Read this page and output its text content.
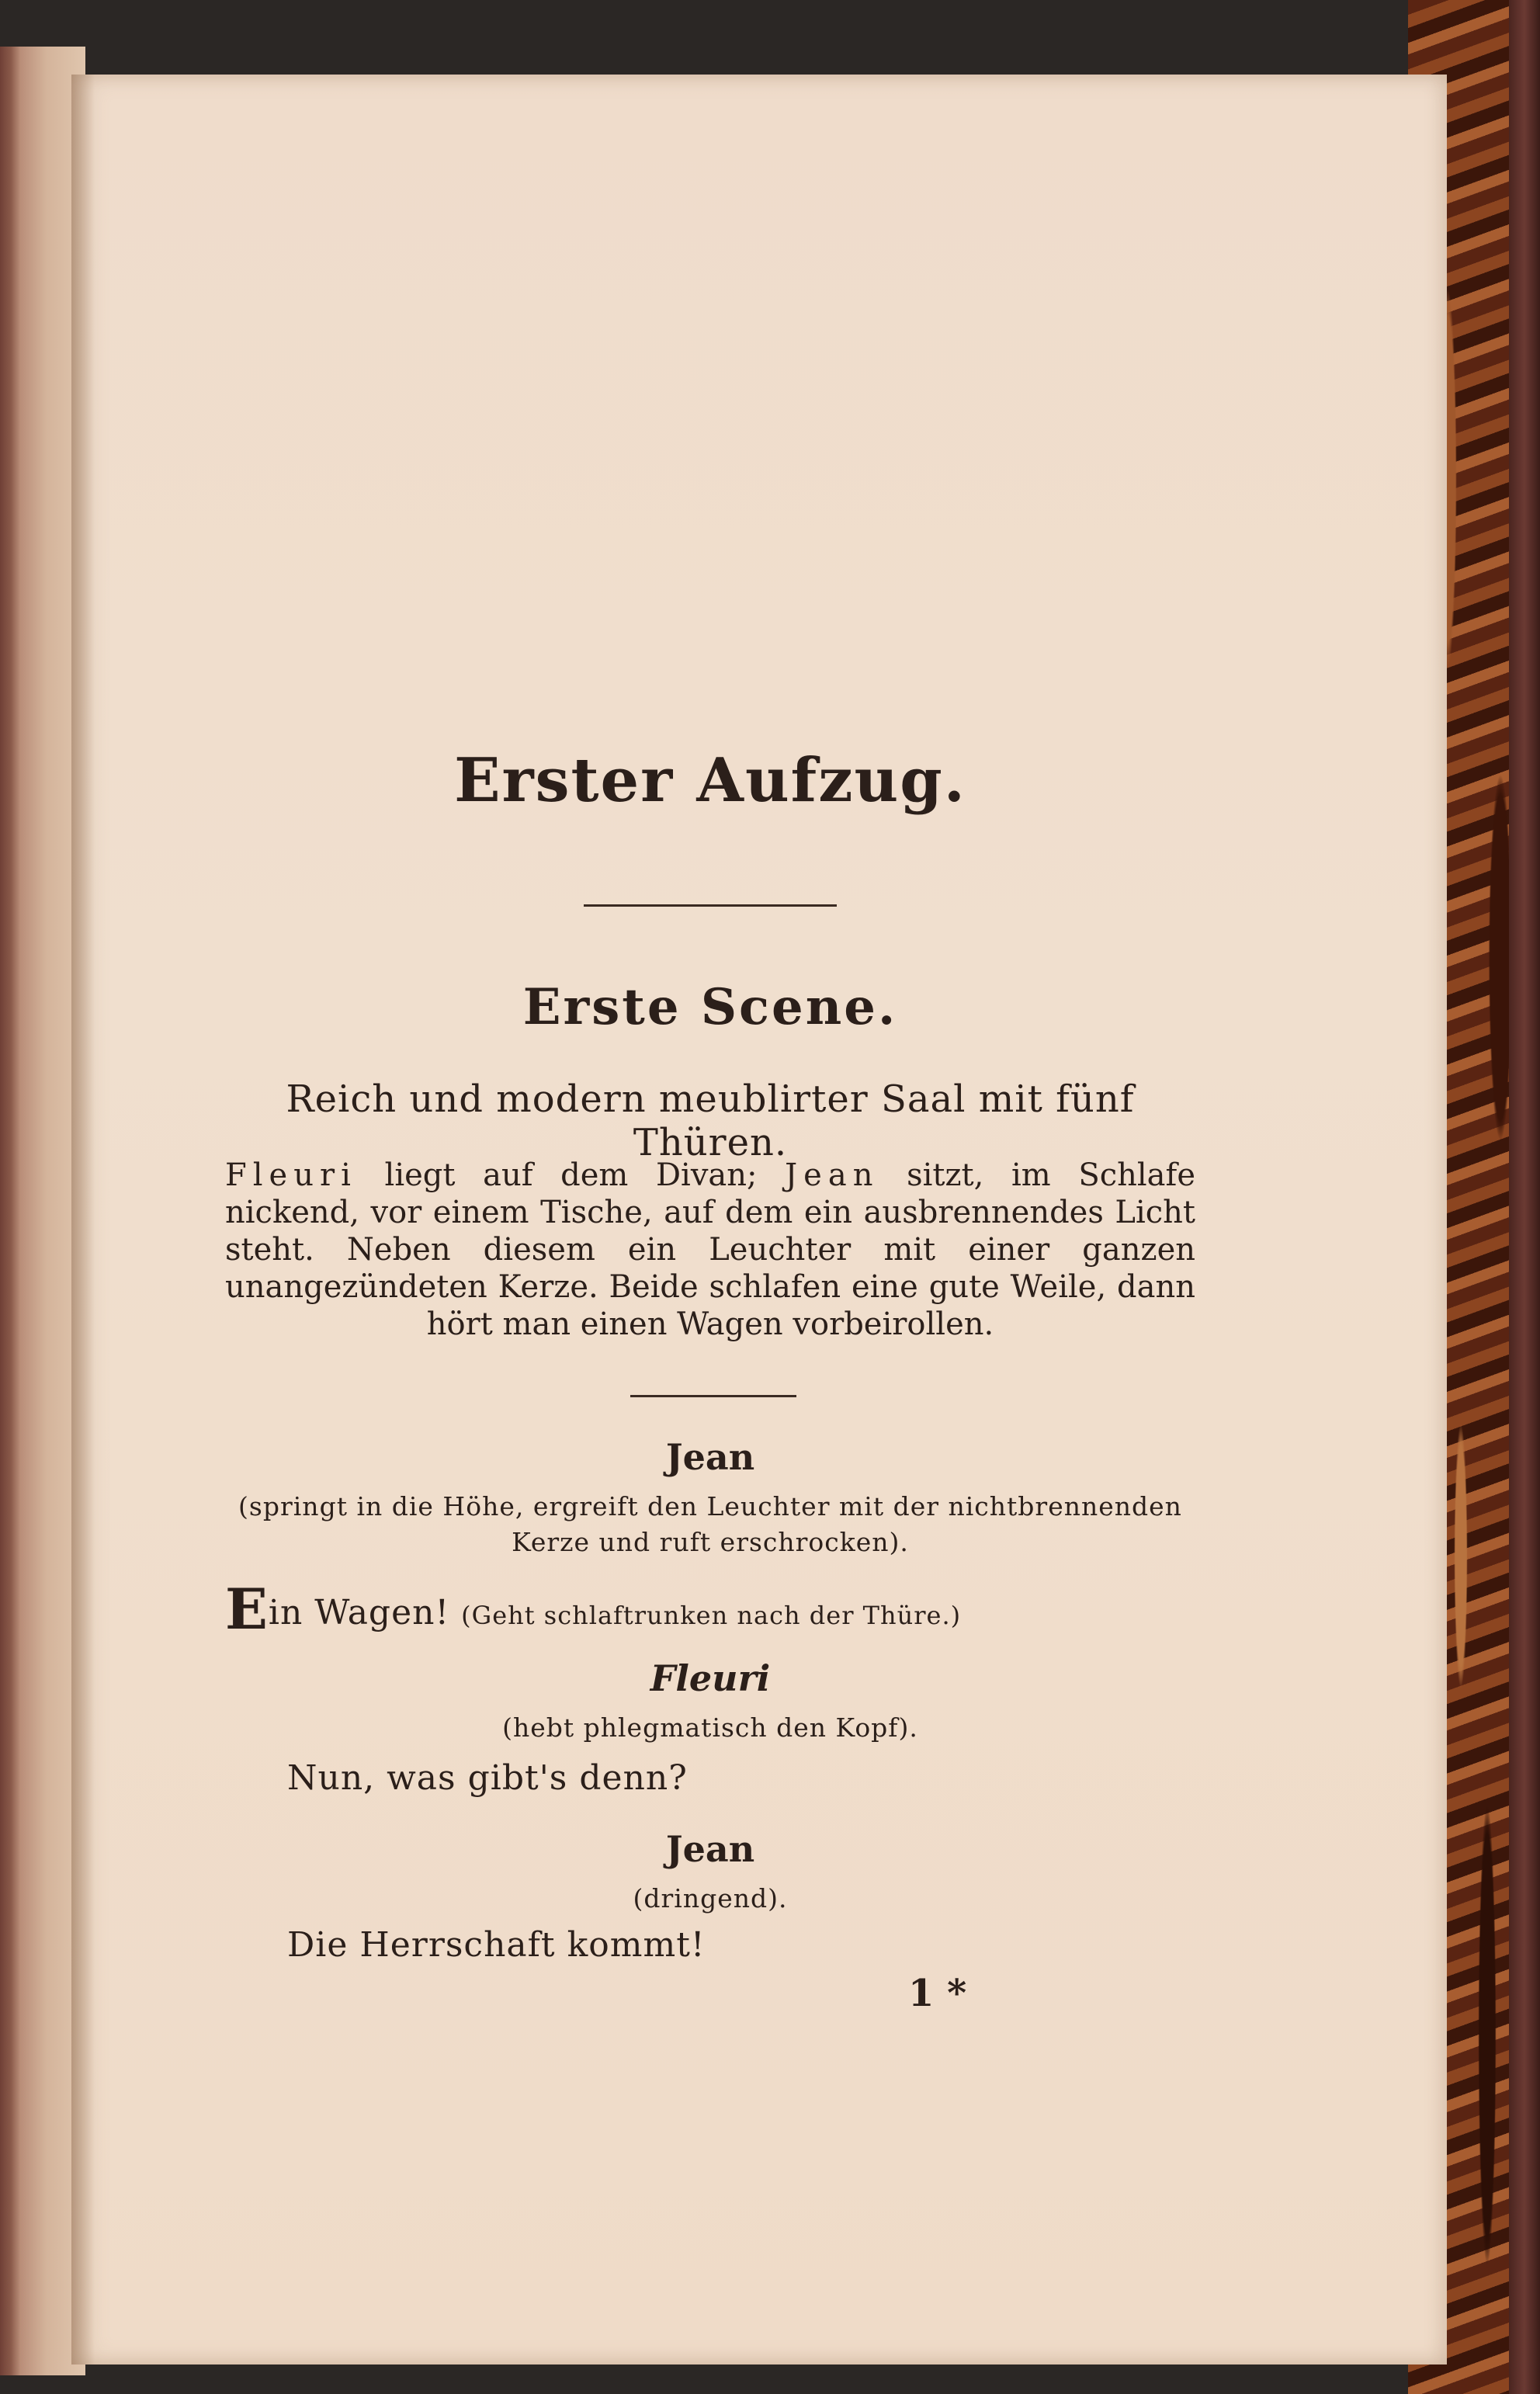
Erster Aufzug.
Erste Scene.
Reich und modern meublirter Saal mit fünf Thüren.
Fleuri liegt auf dem Divan; Jean sitzt, im Schlafe nickend, vor einem Tische, auf dem ein ausbrennendes Licht steht. Neben diesem ein Leuchter mit einer ganzen unangezündeten Kerze. Beide schlafen eine gute Weile, dann hört man einen Wagen vorbeirollen.
Jean
(springt in die Höhe, ergreift den Leuchter mit der nichtbrennenden Kerze und ruft erschrocken).
Ein Wagen! (Geht schlaftrunken nach der Thüre.)
Fleuri
(hebt phlegmatisch den Kopf).
Nun, was gibt's denn?
Jean
(dringend).
Die Herrschaft kommt!
1 *
